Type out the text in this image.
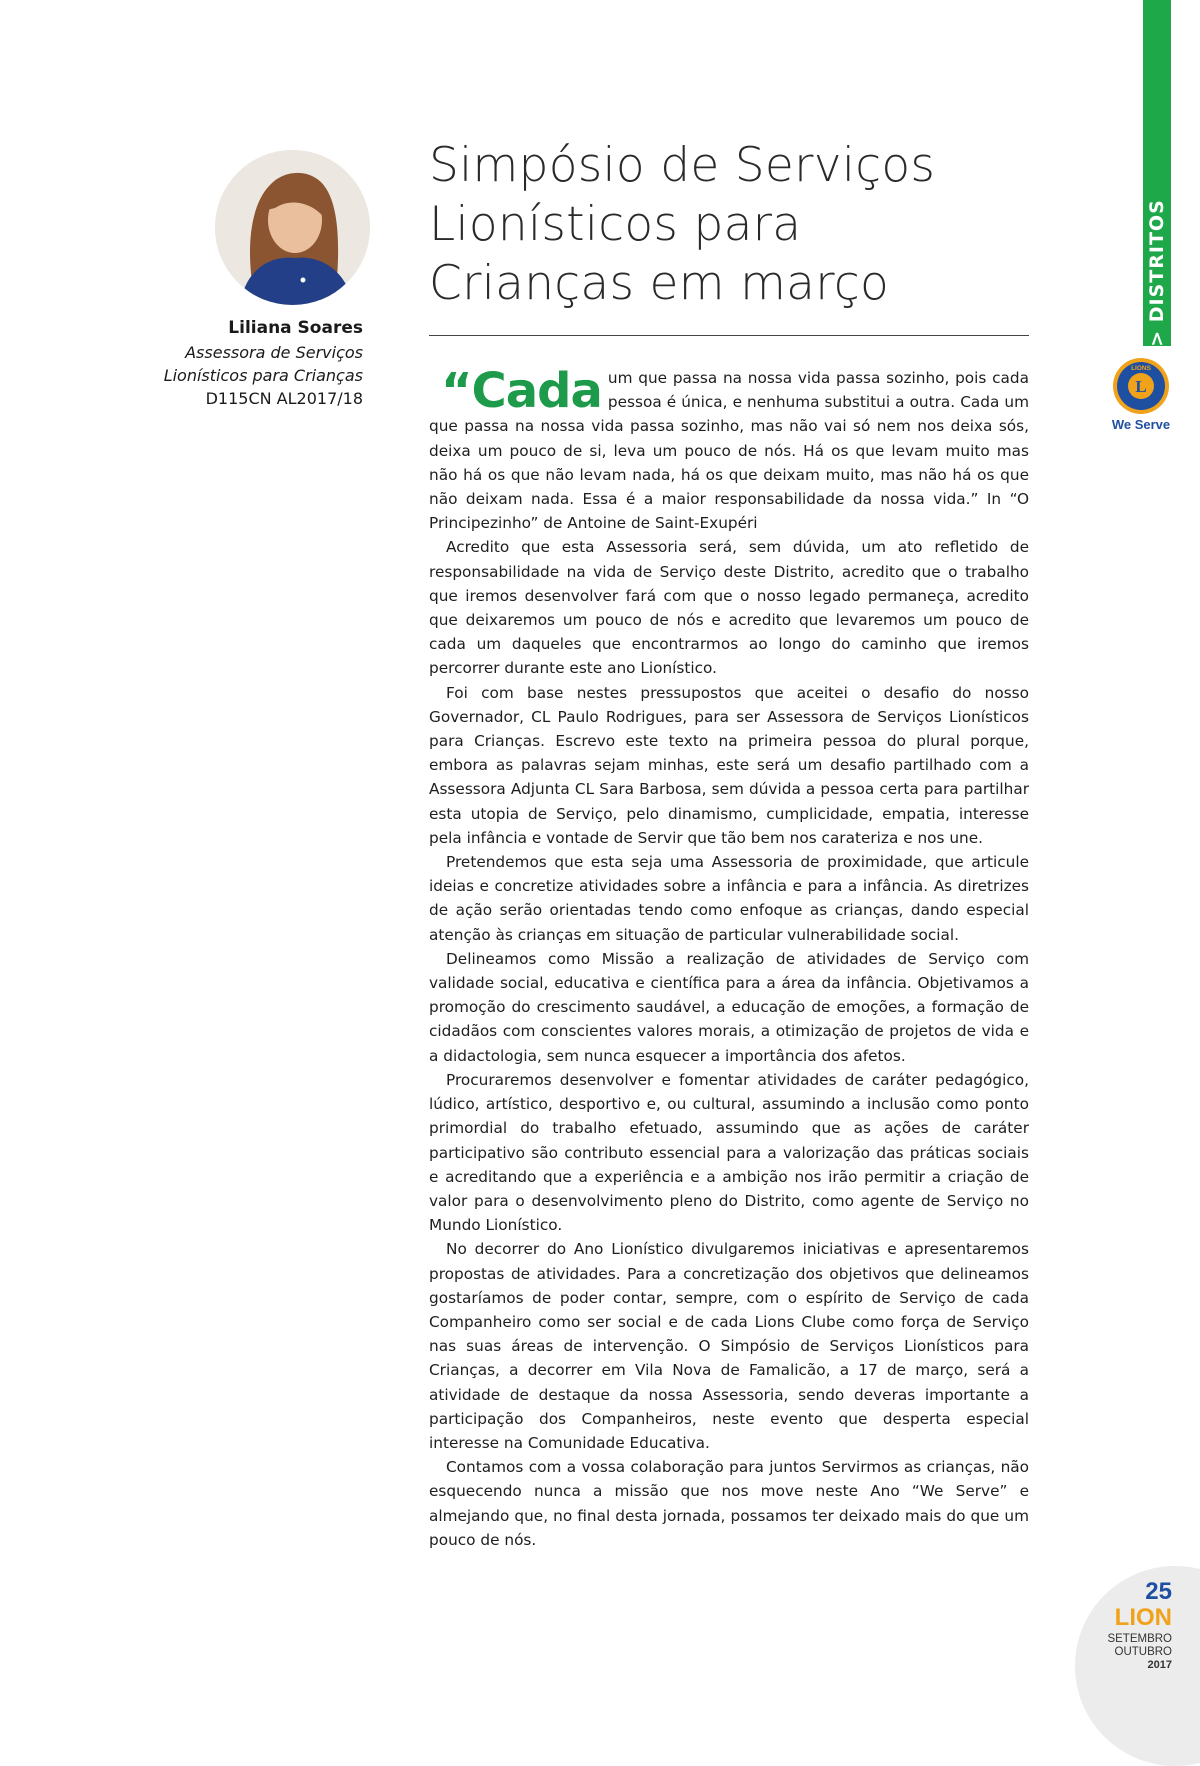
Liliana Soares
Assessora de Serviços
Lionísticos para Crianças
D115CN AL2017/18
Simpósio de Serviços Lionísticos para Crianças em março

“Cada um que passa na nossa vida passa sozinho, pois cada pessoa é única, e nenhuma substitui a outra. Cada um que passa na nossa vida passa sozinho, mas não vai só nem nos deixa sós, deixa um pouco de si, leva um pouco de nós. Há os que levam muito mas não há os que não levam nada, há os que deixam muito, mas não há os que não deixam nada. Essa é a maior responsabilidade da nossa vida.” In “O Principezinho” de Antoine de Saint-Exupéri

Acredito que esta Assessoria será, sem dúvida, um ato refletido de responsabilidade na vida de Serviço deste Distrito, acredito que o trabalho que iremos desenvolver fará com que o nosso legado permaneça, acredito que deixaremos um pouco de nós e acredito que levaremos um pouco de cada um daqueles que encontrarmos ao longo do caminho que iremos percorrer durante este ano Lionístico.

Foi com base nestes pressupostos que aceitei o desafio do nosso Governador, CL Paulo Rodrigues, para ser Assessora de Serviços Lionísticos para Crianças. Escrevo este texto na primeira pessoa do plural porque, embora as palavras sejam minhas, este será um desafio partilhado com a Assessora Adjunta CL Sara Barbosa, sem dúvida a pessoa certa para partilhar esta utopia de Serviço, pelo dinamismo, cumplicidade, empatia, interesse pela infância e vontade de Servir que tão bem nos carateriza e nos une.

Pretendemos que esta seja uma Assessoria de proximidade, que articule ideias e concretize atividades sobre a infância e para a infância. As diretrizes de ação serão orientadas tendo como enfoque as crianças, dando especial atenção às crianças em situação de particular vulnerabilidade social.

Delineamos como Missão a realização de atividades de Serviço com validade social, educativa e científica para a área da infância. Objetivamos a promoção do crescimento saudável, a educação de emoções, a formação de cidadãos com conscientes valores morais, a otimização de projetos de vida e a didactologia, sem nunca esquecer a importância dos afetos.

Procuraremos desenvolver e fomentar atividades de caráter pedagógico, lúdico, artístico, desportivo e, ou cultural, assumindo a inclusão como ponto primordial do trabalho efetuado, assumindo que as ações de caráter participativo são contributo essencial para a valorização das práticas sociais e acreditando que a experiência e a ambição nos irão permitir a criação de valor para o desenvolvimento pleno do Distrito, como agente de Serviço no Mundo Lionístico.

No decorrer do Ano Lionístico divulgaremos iniciativas e apresentaremos propostas de atividades. Para a concretização dos objetivos que delineamos gostaríamos de poder contar, sempre, com o espírito de Serviço de cada Companheiro como ser social e de cada Lions Clube como força de Serviço nas suas áreas de intervenção. O Simpósio de Serviços Lionísticos para Crianças, a decorrer em Vila Nova de Famalicão, a 17 de março, será a atividade de destaque da nossa Assessoria, sendo deveras importante a participação dos Companheiros, neste evento que desperta especial interesse na Comunidade Educativa.

Contamos com a vossa colaboração para juntos Servirmos as crianças, não esquecendo nunca a missão que nos move neste Ano “We Serve” e almejando que, no final desta jornada, possamos ter deixado mais do que um pouco de nós.

> DISTRITOS
L
LIONS
We Serve
25
LION
SETEMBRO
OUTUBRO
2017
